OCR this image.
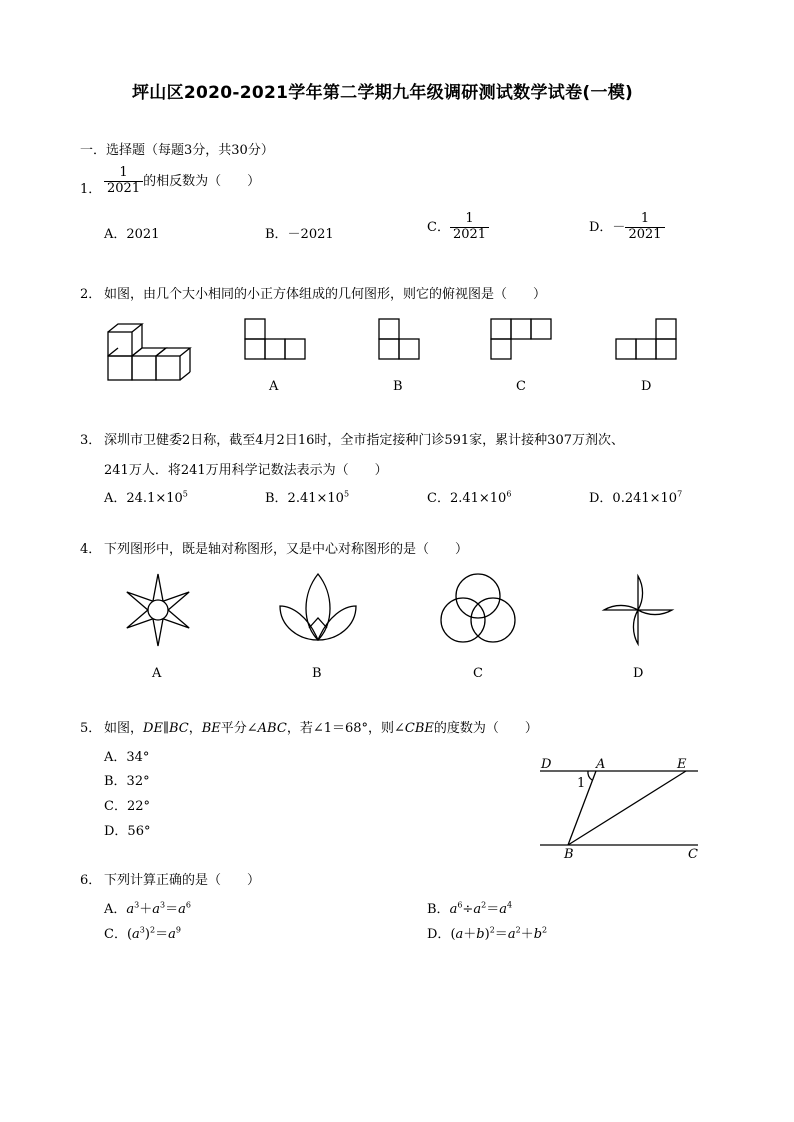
坪山区2020-2021学年第二学期九年级调研测试数学试卷(一模)
一．选择题（每题3分，共30分）
1． $\frac{1}{2021}$ 的相反数为（　　）
A．2021	B．－2021	C． $\frac{1}{2021}$	D．－ $\frac{1}{2021}$
2． 如图，由几个大小相同的小正方体组成的几何图形，则它的俯视图是（　　）
A	B	C	D
3． 深圳市卫健委2日称，截至4月2日16时，全市指定接种门诊591家，累计接种307万剂次、
241万人．将241万用科学记数法表示为（　　）
A．$24.1\times 10^5$	B．$2.41\times 10^5$	C．$2.41\times 10^6$	D．$0.241\times 10^7$
4． 下列图形中，既是轴对称图形，又是中心对称图形的是（　　）
A	B	C	D
5． 如图，DE∥BC，BE平分∠ABC，若∠1＝68°，则∠CBE的度数为（　　）
A．34°
B．32°
C．22°
D．56°
D	A	E
1
B	C
6． 下列计算正确的是（　　）
A．$a^3+a^3=a^6$	B．$a^6\div a^2=a^4$
C．$(a^3)^2=a^9$	D．$(a+b)^2=a^2+b^2$
